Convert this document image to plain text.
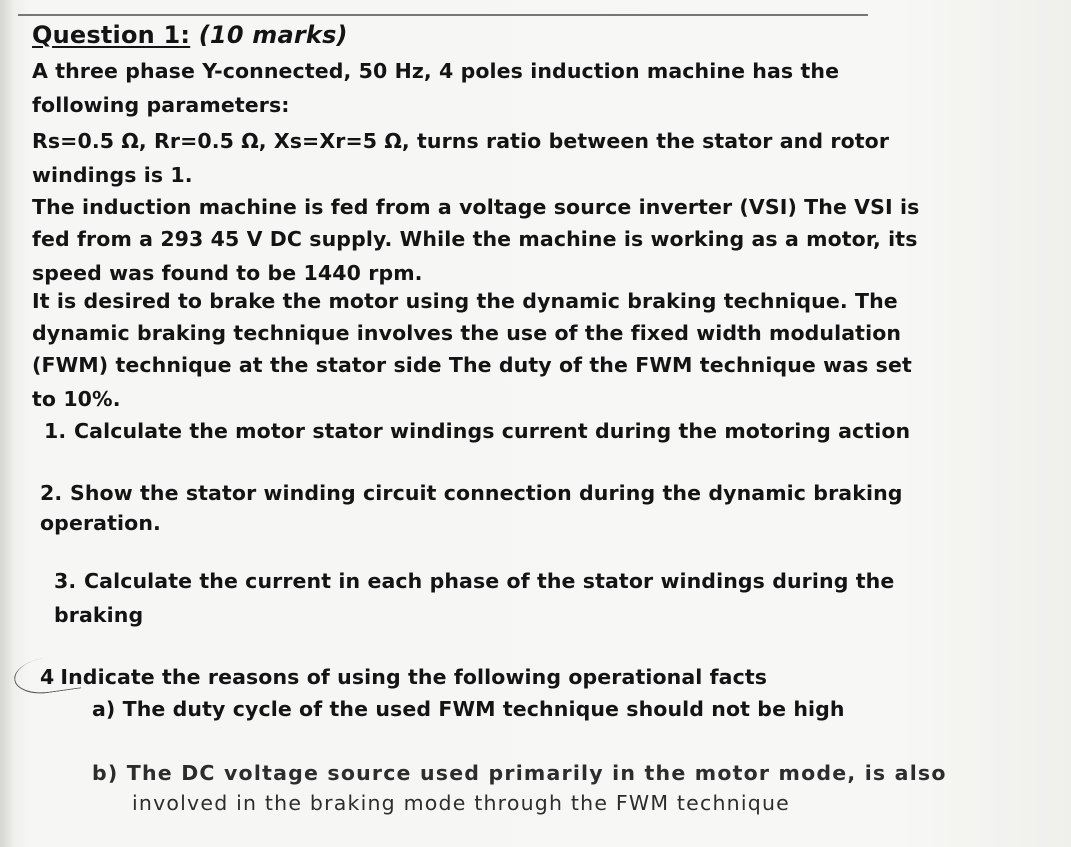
Question 1: (10 marks)
A three phase Y-connected, 50 Hz, 4 poles induction machine has the
following parameters:
Rs=0.5 Ω, Rr=0.5 Ω, Xs=Xr=5 Ω, turns ratio between the stator and rotor
windings is 1.
The induction machine is fed from a voltage source inverter (VSI) The VSI is
fed from a 293 45 V DC supply. While the machine is working as a motor, its
speed was found to be 1440 rpm.
It is desired to brake the motor using the dynamic braking technique. The
dynamic braking technique involves the use of the fixed width modulation
(FWM) technique at the stator side The duty of the FWM technique was set
to 10%.
1. Calculate the motor stator windings current during the motoring action
2. Show the stator winding circuit connection during the dynamic braking
operation.
3. Calculate the current in each phase of the stator windings during the
braking
4 Indicate the reasons of using the following operational facts
a) The duty cycle of the used FWM technique should not be high
b) The DC voltage source used primarily in the motor mode, is also
involved in the braking mode through the FWM technique
